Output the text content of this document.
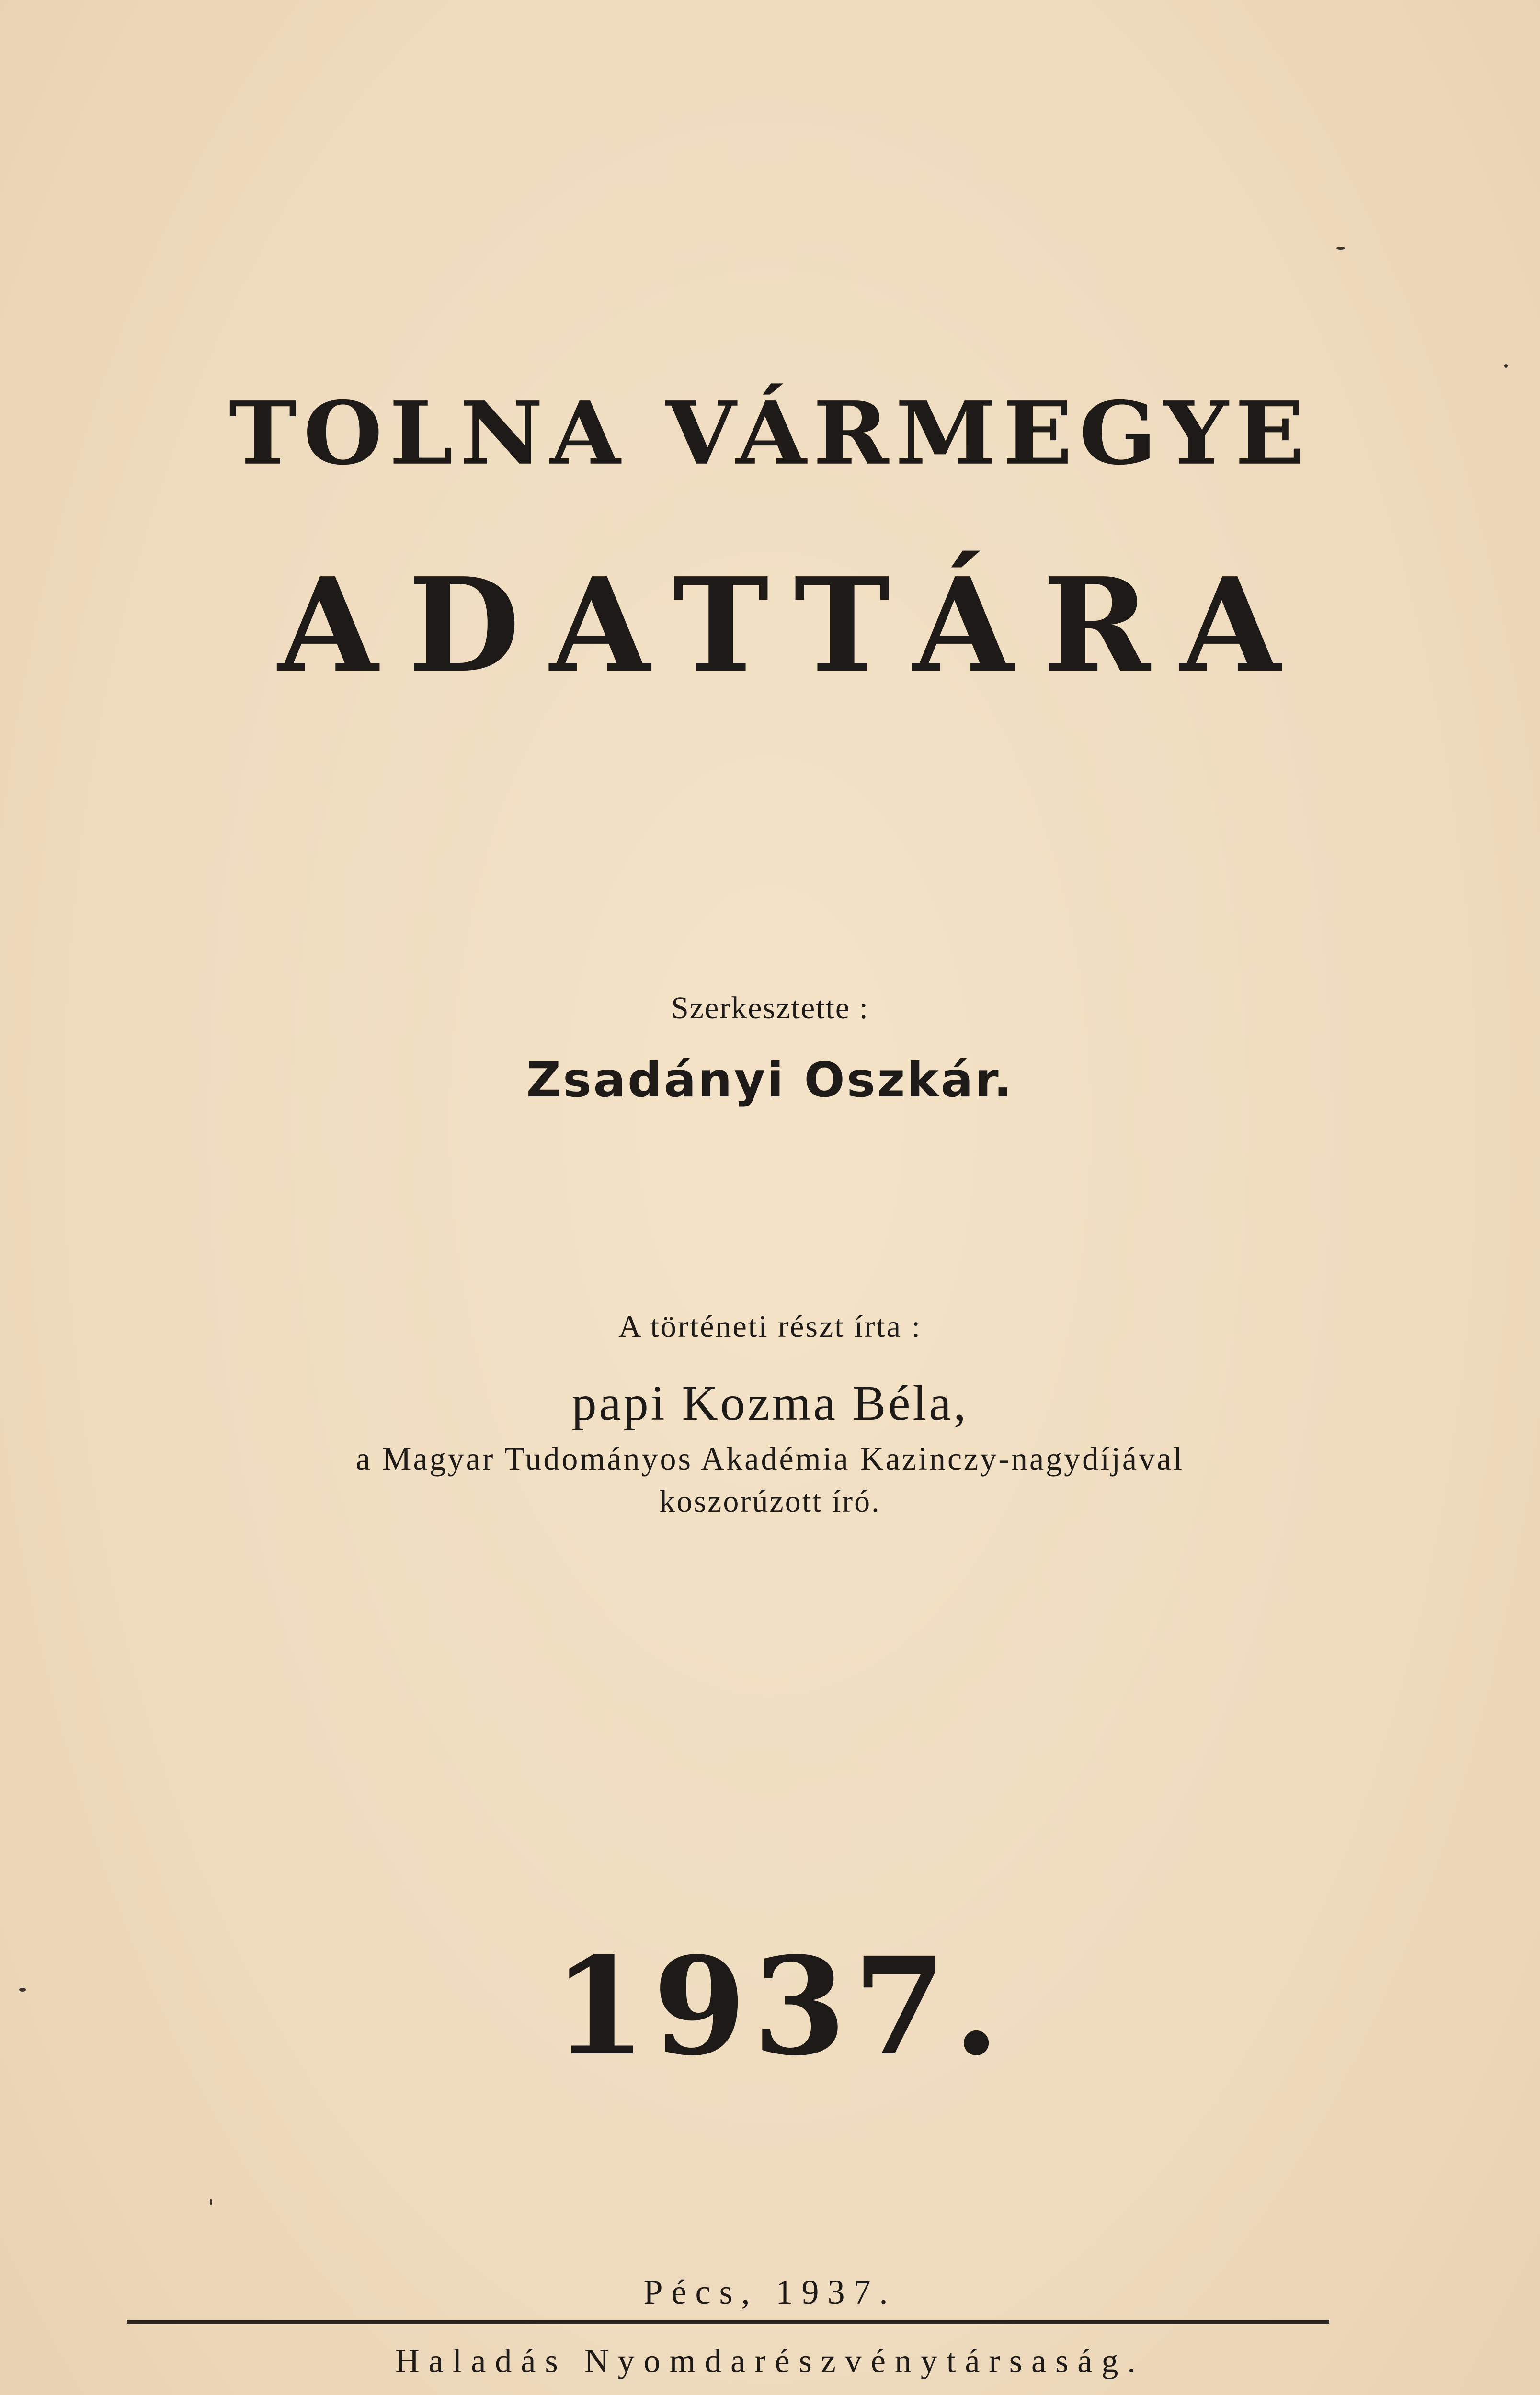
TOLNA VÁRMEGYE
ADATTÁRA
Szerkesztette :
Zsadányi Oszkár.
A történeti részt írta :
papi Kozma Béla,
a Magyar Tudományos Akadémia Kazinczy-nagydíjával
koszorúzott író.
1937.
Pécs, 1937.
Haladás Nyomdarészvénytársaság.
